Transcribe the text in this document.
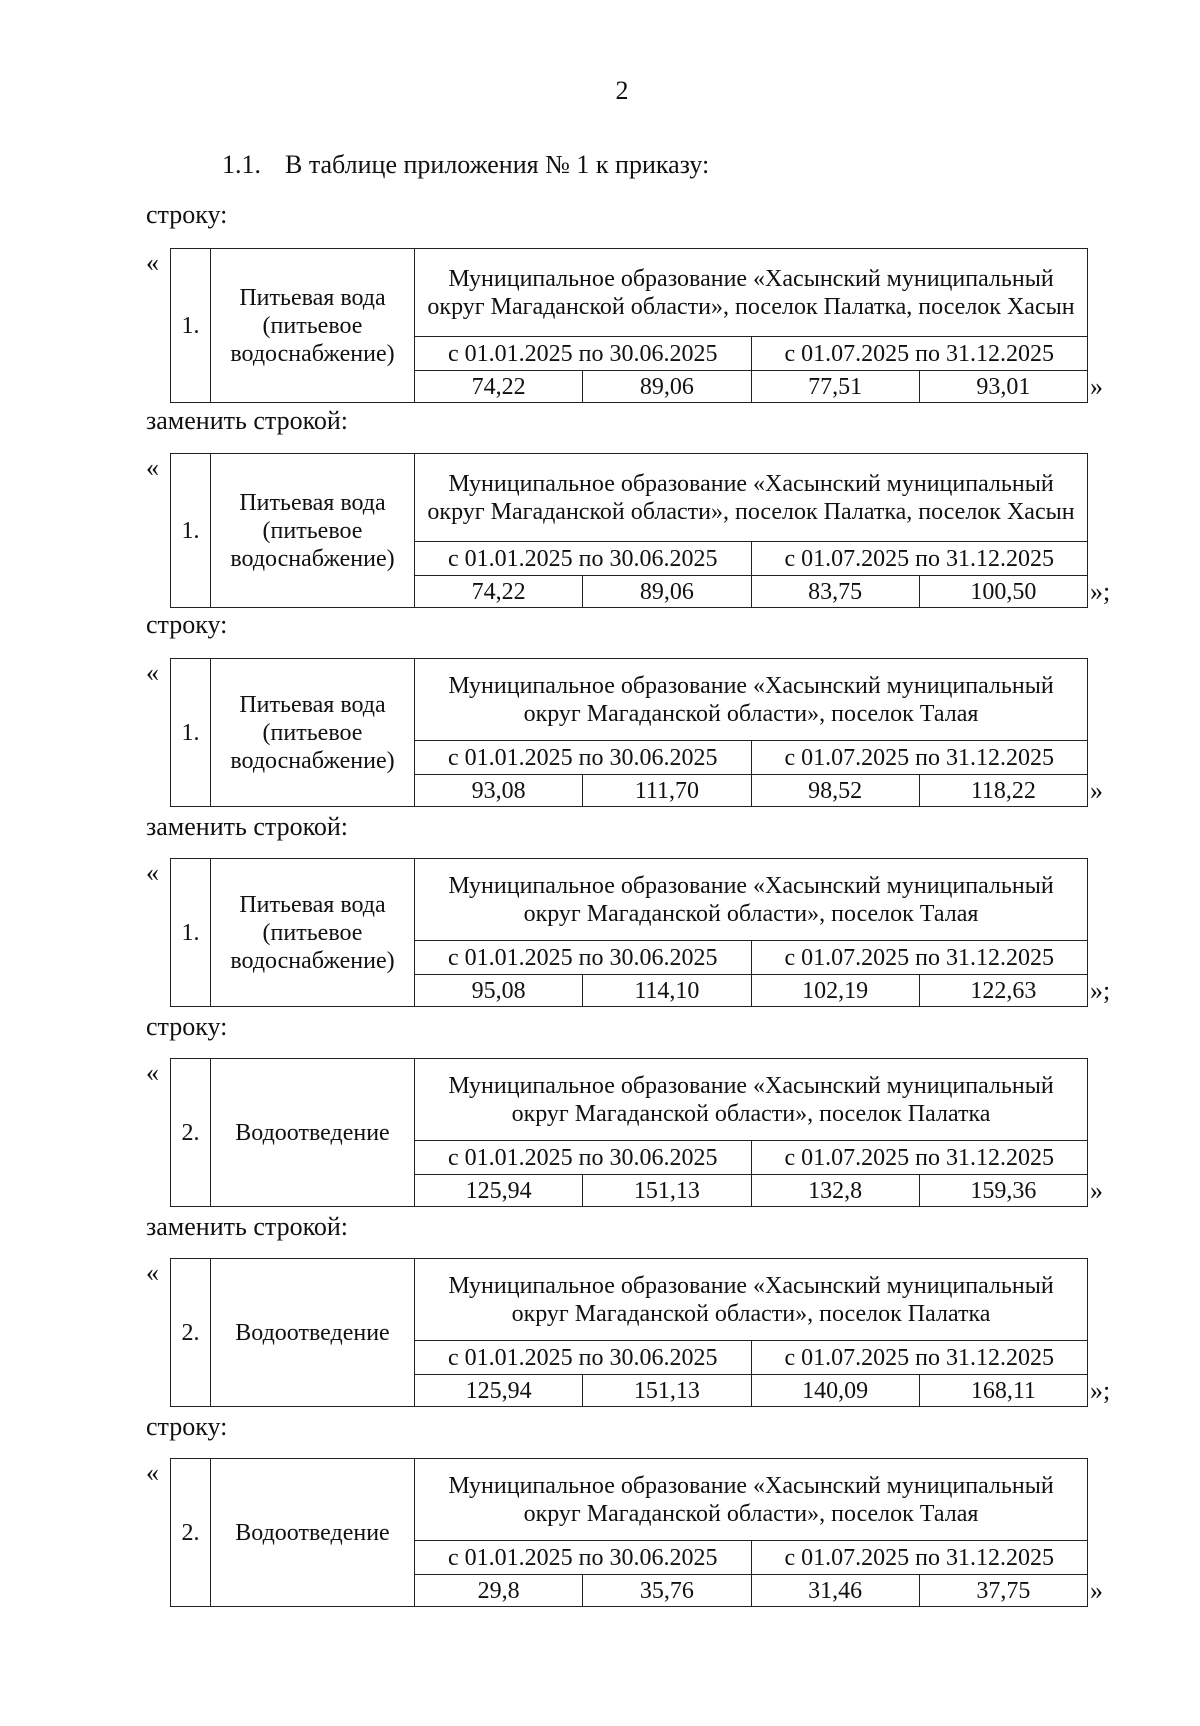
2
1.1. В таблице приложения № 1 к приказу:
строку:
«
1.	Питьевая вода (питьевое водоснабжение)	Муниципальное образование «Хасынский муниципальный округ Магаданской области», поселок Палатка, поселок Хасын			
		с 01.01.2025 по 30.06.2025		с 01.07.2025 по 31.12.2025	
		74,22	89,06	77,51	93,01 »
заменить строкой:
«
1.	Питьевая вода (питьевое водоснабжение)	Муниципальное образование «Хасынский муниципальный округ Магаданской области», поселок Палатка, поселок Хасын			
		с 01.01.2025 по 30.06.2025		с 01.07.2025 по 31.12.2025	
		74,22	89,06	83,75	100,50 »;
строку:
«
1.	Питьевая вода (питьевое водоснабжение)	Муниципальное образование «Хасынский муниципальный округ Магаданской области», поселок Талая			
		с 01.01.2025 по 30.06.2025		с 01.07.2025 по 31.12.2025	
		93,08	111,70	98,52	118,22 »
заменить строкой:
«
1.	Питьевая вода (питьевое водоснабжение)	Муниципальное образование «Хасынский муниципальный округ Магаданской области», поселок Талая			
		с 01.01.2025 по 30.06.2025		с 01.07.2025 по 31.12.2025	
		95,08	114,10	102,19	122,63 »;
строку:
«
2.	Водоотведение	Муниципальное образование «Хасынский муниципальный округ Магаданской области», поселок Палатка			
		с 01.01.2025 по 30.06.2025		с 01.07.2025 по 31.12.2025	
		125,94	151,13	132,8	159,36 »
заменить строкой:
«
2.	Водоотведение	Муниципальное образование «Хасынский муниципальный округ Магаданской области», поселок Палатка			
		с 01.01.2025 по 30.06.2025		с 01.07.2025 по 31.12.2025	
		125,94	151,13	140,09	168,11 »;
строку:
«
2.	Водоотведение	Муниципальное образование «Хасынский муниципальный округ Магаданской области», поселок Талая			
		с 01.01.2025 по 30.06.2025		с 01.07.2025 по 31.12.2025	
		29,8	35,76	31,46	37,75 »
